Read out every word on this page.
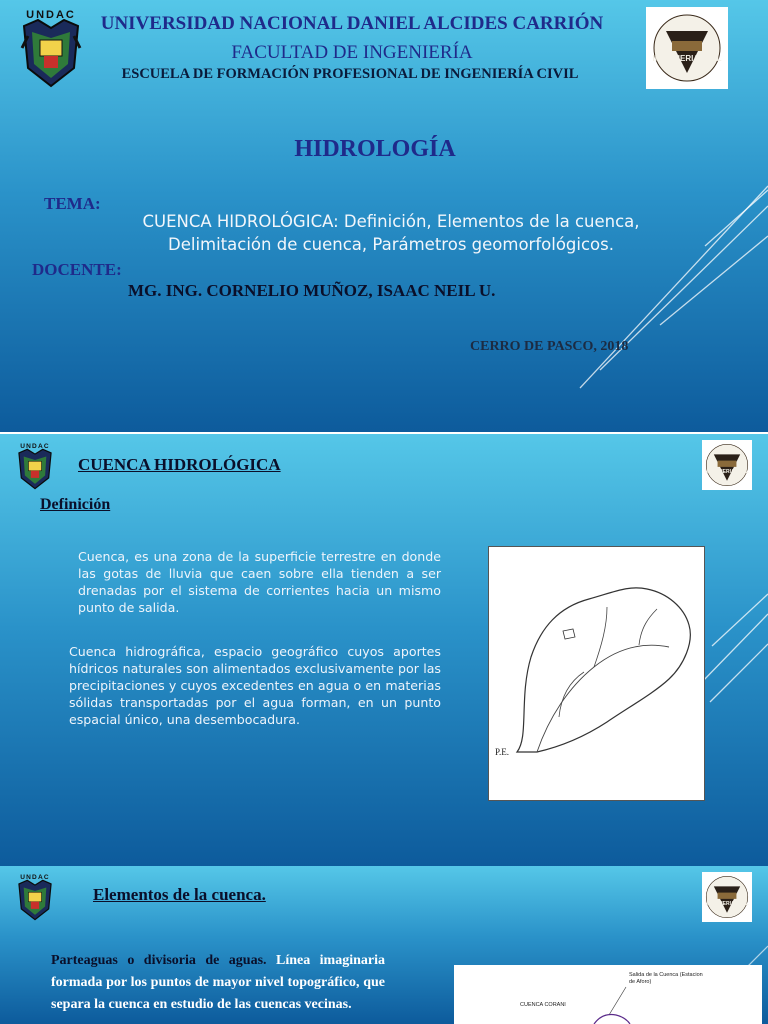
UNDAC
INGENIERIA CIVIL
UNIVERSIDAD NACIONAL DANIEL ALCIDES CARRIÓN
FACULTAD DE INGENIERÍA
ESCUELA DE FORMACIÓN PROFESIONAL DE INGENIERÍA CIVIL
HIDROLOGÍA
TEMA:
CUENCA HIDROLÓGICA: Definición, Elementos de la cuenca,
Delimitación de cuenca, Parámetros geomorfológicos.
DOCENTE:
MG. ING. CORNELIO MUÑOZ, ISAAC NEIL U.
CERRO DE PASCO, 2018
UNDAC
INGENIERIA CIVIL
CUENCA HIDROLÓGICA
Definición
Cuenca, es una zona de la superficie terrestre en donde las gotas de lluvia que caen sobre ella tienden a ser drenadas por el sistema de corrientes hacia un mismo punto de salida.
Cuenca hidrográfica, espacio geográfico cuyos aportes hídricos naturales son alimentados exclusivamente por las precipitaciones y cuyos excedentes en agua o en materias sólidas transportadas por el agua forman, en un punto espacial único, una desembocadura.
P.E.
UNDAC
INGENIERIA CIVIL
Elementos de la cuenca.
Parteaguas o divisoria de aguas. Línea imaginaria formada por los puntos de mayor nivel topográfico, que separa la cuenca en estudio de las cuencas vecinas.
Salida de la Cuenca (Estacion de Aforo)
CUENCA CORANI
